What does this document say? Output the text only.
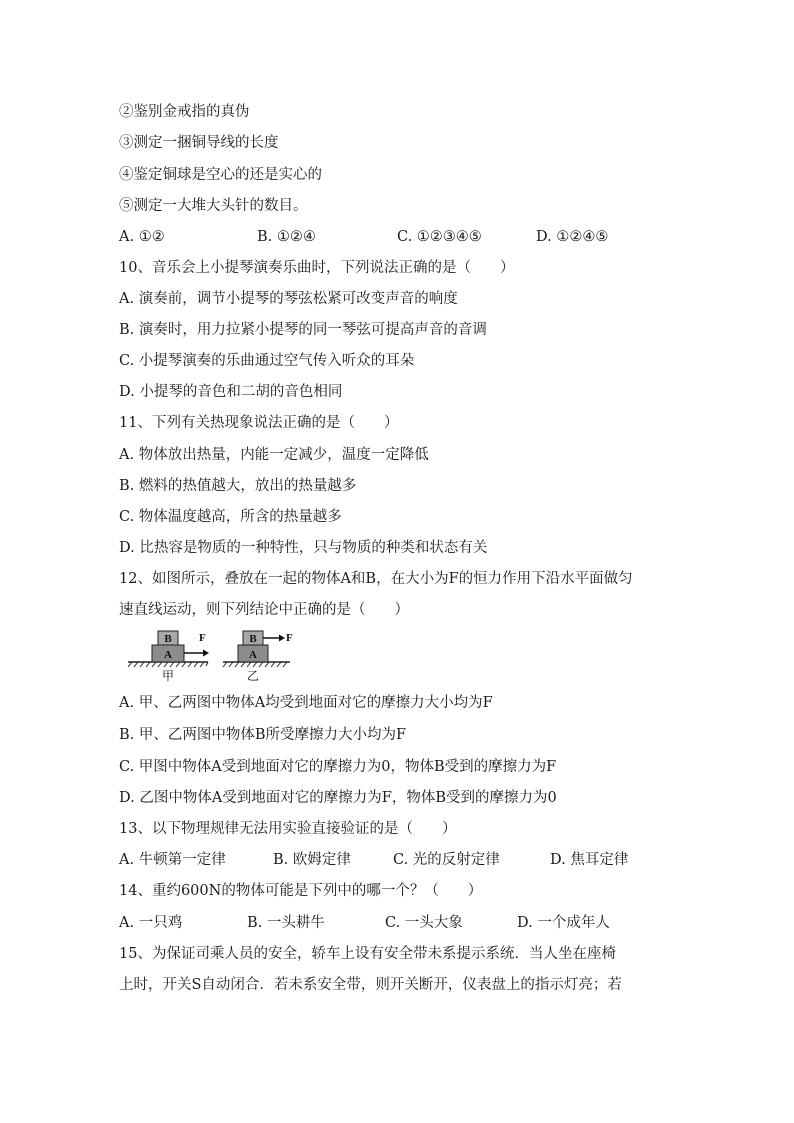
②鉴别金戒指的真伪
③测定一捆铜导线的长度
④鉴定铜球是空心的还是实心的
⑤测定一大堆大头针的数目。
A. ①②	B. ①②④	C. ①②③④⑤	D. ①②④⑤
10、音乐会上小提琴演奏乐曲时，下列说法正确的是（　　）
A. 演奏前，调节小提琴的琴弦松紧可改变声音的响度
B. 演奏时，用力拉紧小提琴的同一琴弦可提高声音的音调
C. 小提琴演奏的乐曲通过空气传入听众的耳朵
D. 小提琴的音色和二胡的音色相同
11、下列有关热现象说法正确的是（　　）
A. 物体放出热量，内能一定减少，温度一定降低
B. 燃料的热值越大，放出的热量越多
C. 物体温度越高，所含的热量越多
D. 比热容是物质的一种特性，只与物质的种类和状态有关
12、如图所示，叠放在一起的物体A和B，在大小为F的恒力作用下沿水平面做匀
速直线运动，则下列结论中正确的是（　　）
B
A
F
甲
B
A
F
乙
A. 甲、乙两图中物体A均受到地面对它的摩擦力大小均为F
B. 甲、乙两图中物体B所受摩擦力大小均为F
C. 甲图中物体A受到地面对它的摩擦力为0，物体B受到的摩擦力为F
D. 乙图中物体A受到地面对它的摩擦力为F，物体B受到的摩擦力为0
13、以下物理规律无法用实验直接验证的是（　　）
A. 牛顿第一定律	B. 欧姆定律	C. 光的反射定律	D. 焦耳定律
14、重约600N的物体可能是下列中的哪一个？（　　）
A. 一只鸡	B. 一头耕牛	C. 一头大象	D. 一个成年人
15、为保证司乘人员的安全，轿车上设有安全带未系提示系统．当人坐在座椅
上时，开关S自动闭合．若未系安全带，则开关断开，仪表盘上的指示灯亮；若
